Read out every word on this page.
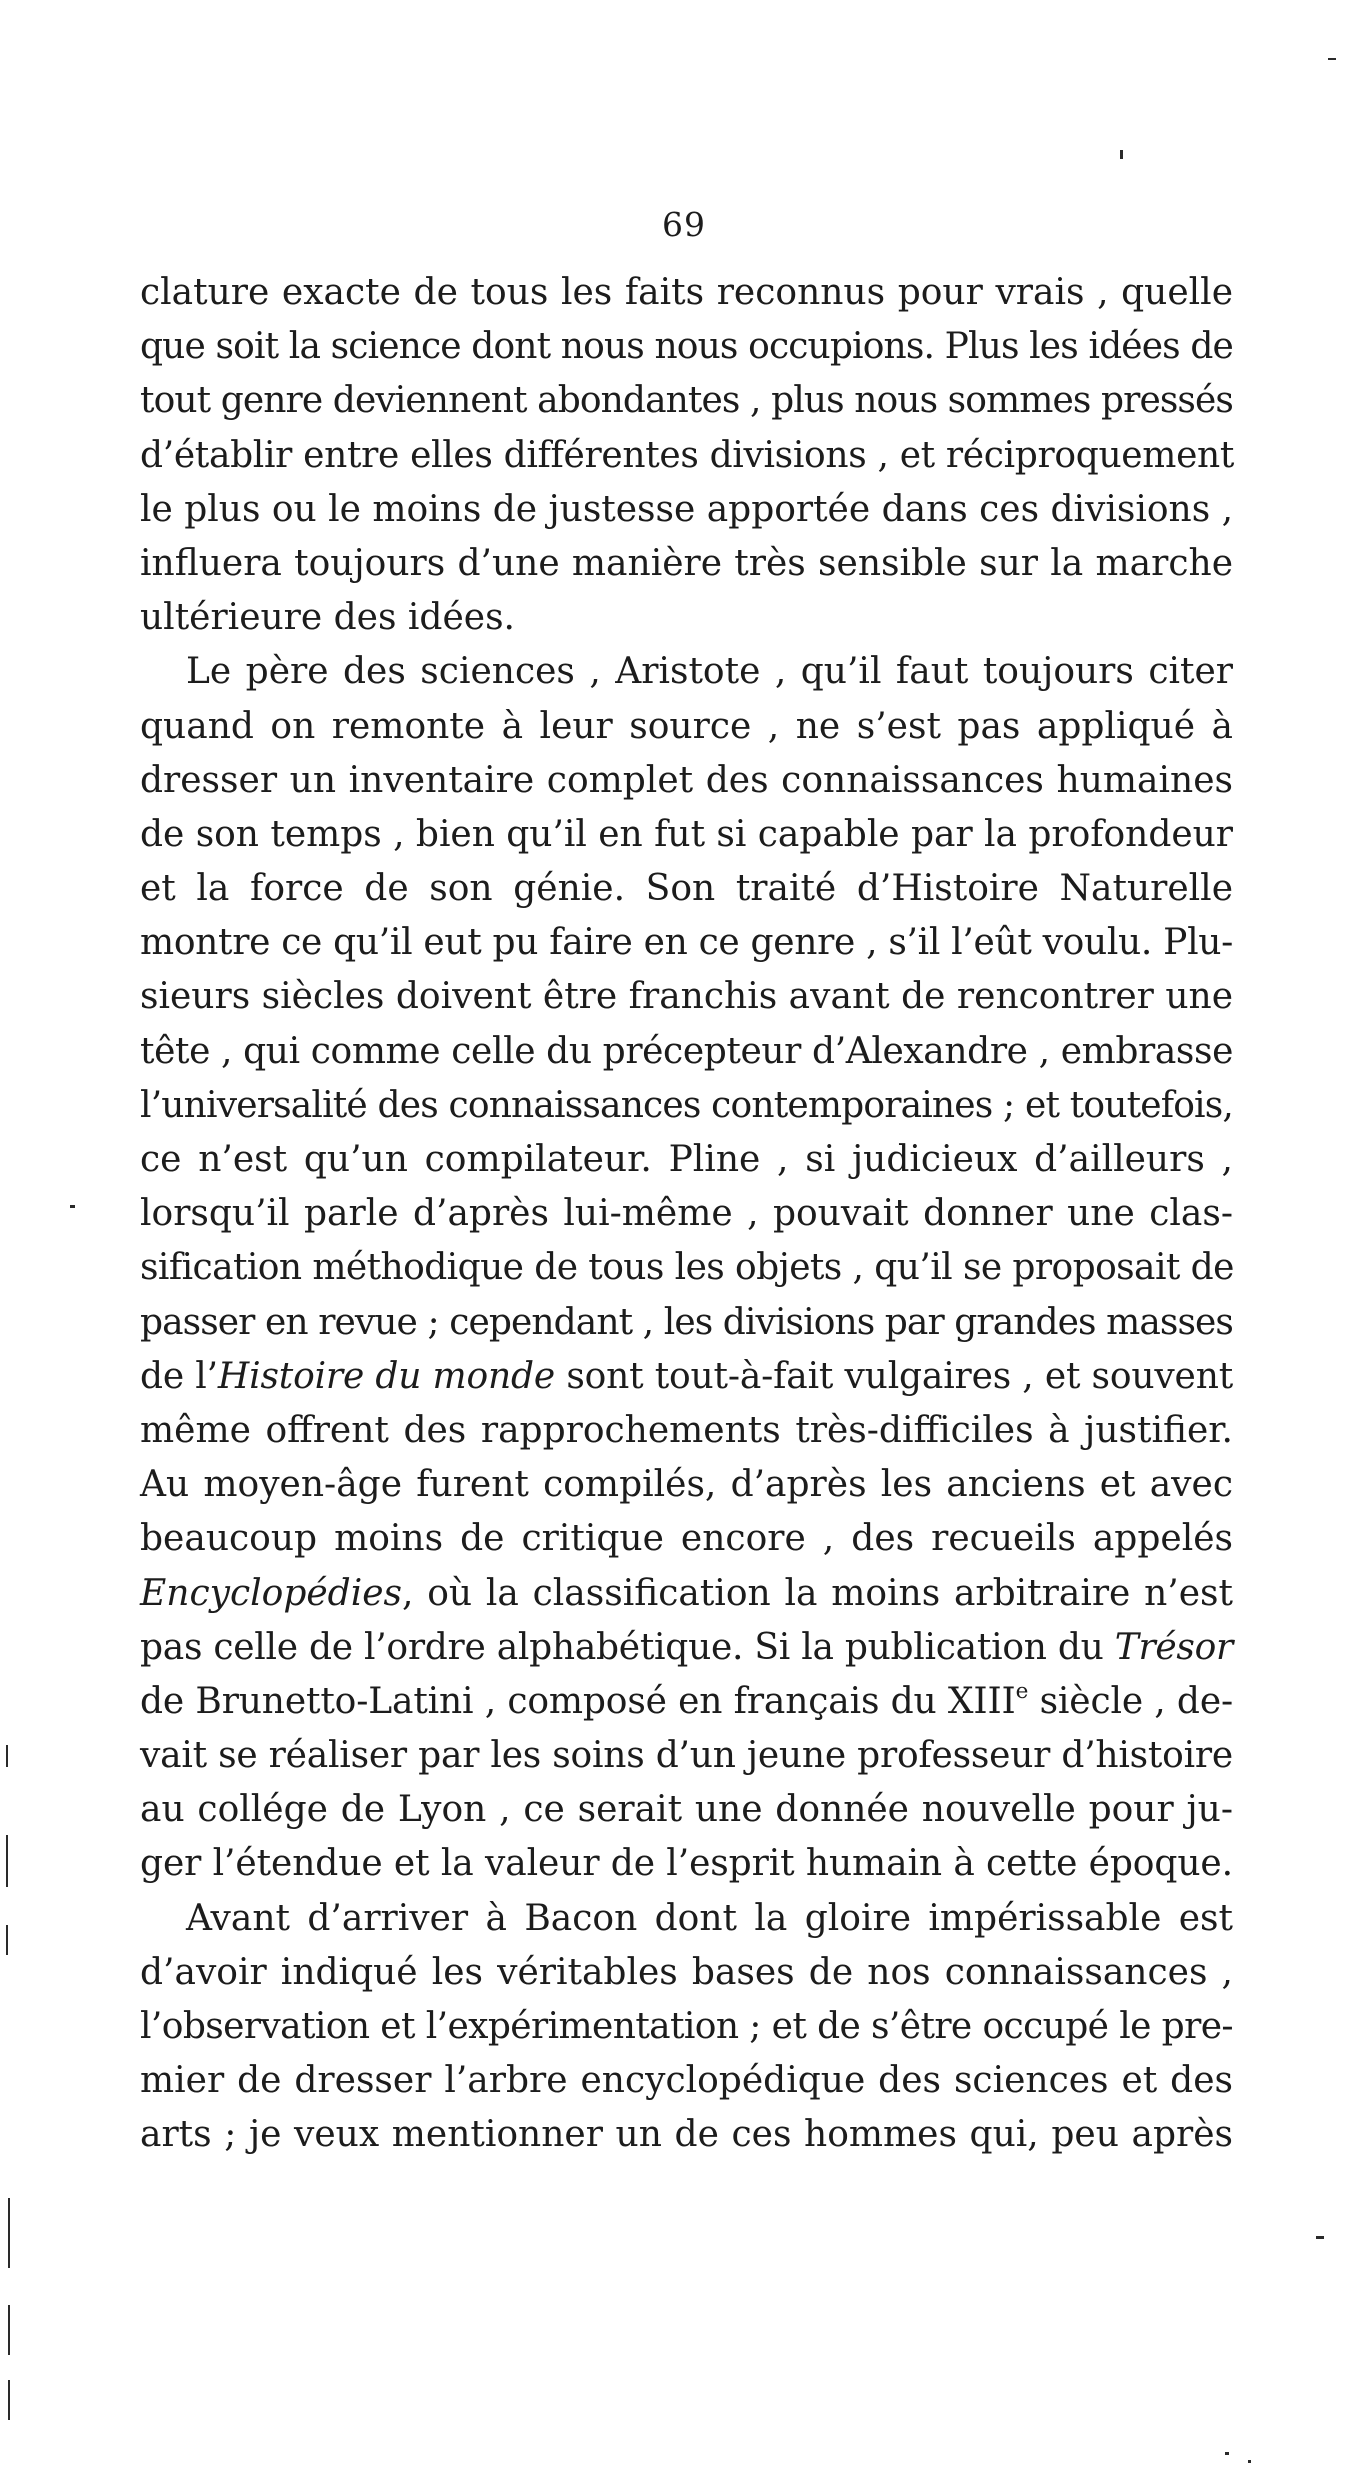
69
clature exacte de tous les faits reconnus pour vrais , quelle
que soit la science dont nous nous occupions. Plus les idées de
tout genre deviennent abondantes , plus nous sommes pressés
d’établir entre elles différentes divisions , et réciproquement
le plus ou le moins de justesse apportée dans ces divisions ,
influera toujours d’une manière très sensible sur la marche
ultérieure des idées.
Le père des sciences , Aristote , qu’il faut toujours citer
quand on remonte à leur source , ne s’est pas appliqué à
dresser un inventaire complet des connaissances humaines
de son temps , bien qu’il en fut si capable par la profondeur
et la force de son génie. Son traité d’Histoire Naturelle
montre ce qu’il eut pu faire en ce genre , s’il l’eût voulu. Plu-
sieurs siècles doivent être franchis avant de rencontrer une
tête , qui comme celle du précepteur d’Alexandre , embrasse
l’universalité des connaissances contemporaines ; et toutefois,
ce n’est qu’un compilateur. Pline , si judicieux d’ailleurs ,
lorsqu’il parle d’après lui-même , pouvait donner une clas-
sification méthodique de tous les objets , qu’il se proposait de
passer en revue ; cependant , les divisions par grandes masses
de l’Histoire du monde sont tout-à-fait vulgaires , et souvent
même offrent des rapprochements très-difficiles à justifier.
Au moyen-âge furent compilés, d’après les anciens et avec
beaucoup moins de critique encore , des recueils appelés
Encyclopédies, où la classification la moins arbitraire n’est
pas celle de l’ordre alphabétique. Si la publication du Trésor
de Brunetto-Latini , composé en français du XIIIe siècle , de-
vait se réaliser par les soins d’un jeune professeur d’histoire
au collége de Lyon , ce serait une donnée nouvelle pour ju-
ger l’étendue et la valeur de l’esprit humain à cette époque.
Avant d’arriver à Bacon dont la gloire impérissable est
d’avoir indiqué les véritables bases de nos connaissances ,
l’observation et l’expérimentation ; et de s’être occupé le pre-
mier de dresser l’arbre encyclopédique des sciences et des
arts ; je veux mentionner un de ces hommes qui, peu après
